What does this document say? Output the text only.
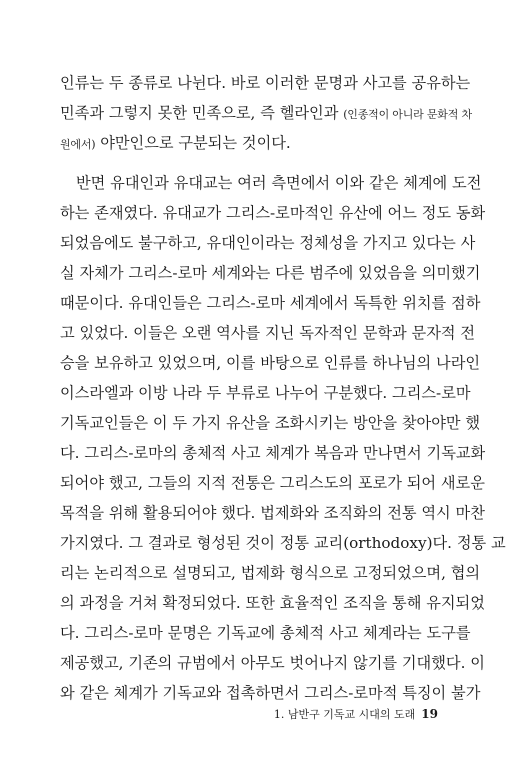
인류는 두 종류로 나뉜다. 바로 이러한 문명과 사고를 공유하는
민족과 그렇지 못한 민족으로, 즉 헬라인과 (인종적이 아니라 문화적 차
원에서) 야만인으로 구분되는 것이다.
반면 유대인과 유대교는 여러 측면에서 이와 같은 체계에 도전
하는 존재였다. 유대교가 그리스-로마적인 유산에 어느 정도 동화
되었음에도 불구하고, 유대인이라는 정체성을 가지고 있다는 사
실 자체가 그리스-로마 세계와는 다른 범주에 있었음을 의미했기
때문이다. 유대인들은 그리스-로마 세계에서 독특한 위치를 점하
고 있었다. 이들은 오랜 역사를 지닌 독자적인 문학과 문자적 전
승을 보유하고 있었으며, 이를 바탕으로 인류를 하나님의 나라인
이스라엘과 이방 나라 두 부류로 나누어 구분했다. 그리스-로마
기독교인들은 이 두 가지 유산을 조화시키는 방안을 찾아야만 했
다. 그리스-로마의 총체적 사고 체계가 복음과 만나면서 기독교화
되어야 했고, 그들의 지적 전통은 그리스도의 포로가 되어 새로운
목적을 위해 활용되어야 했다. 법제화와 조직화의 전통 역시 마찬
가지였다. 그 결과로 형성된 것이 정통 교리(orthodoxy)다. 정통 교
리는 논리적으로 설명되고, 법제화 형식으로 고정되었으며, 협의
의 과정을 거쳐 확정되었다. 또한 효율적인 조직을 통해 유지되었
다. 그리스-로마 문명은 기독교에 총체적 사고 체계라는 도구를
제공했고, 기존의 규범에서 아무도 벗어나지 않기를 기대했다. 이
와 같은 체계가 기독교와 접촉하면서 그리스-로마적 특징이 불가
1. 남반구 기독교 시대의 도래 19
